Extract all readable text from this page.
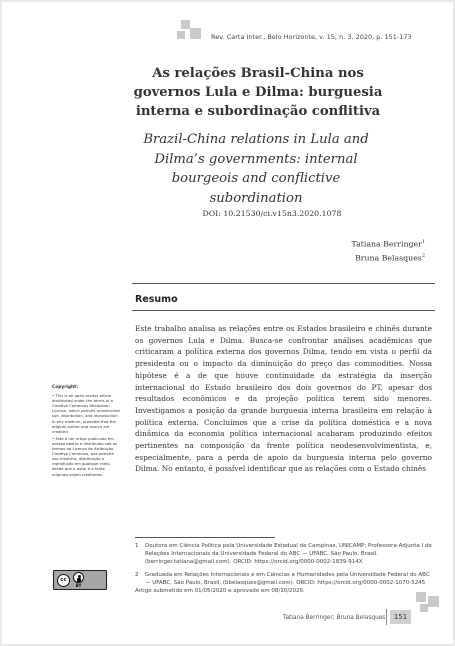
Rev. Carta Inter., Belo Horizonte, v. 15, n. 3, 2020, p. 151-173
As relações Brasil-China nos governos Lula e Dilma: burguesia interna e subordinação conflitiva
Brazil-China relations in Lula and Dilma’s governments: internal bourgeois and conflictive subordination
DOI: 10.21530/ci.v15n3.2020.1078
Tatiana Berringer$^1$
Bruna Belasques$^2$
Resumo

Este trabalho analisa as relações entre os Estados brasileiro e chinês durante os governos Lula e Dilma. Busca-se confrontar análises acadêmicas que criticaram a política externa dos governos Dilma, tendo em vista o perfil da presidenta ou o impacto da diminuição do preço das commodities. Nossa hipótese é a de que houve continuidade da estratégia da inserção internacional do Estado brasileiro dos dois governos do PT, apesar dos resultados econômicos e da projeção política terem sido menores. Investigamos a posição da grande burguesia interna brasileira em relação à política externa. Concluímos que a crise da política doméstica e a nova dinâmica da economia política internacional acabaram produzindo efeitos pertinentes na composição da frente política neodesenvolvimentista, e, especialmente, para a perda de apoio da burguesia interna pelo governo Dilma. No entanto, é possível identificar que as relações com o Estado chinês

Copyright:

• This is an open-access article distributed under the terms of a Creative Commons Attribution License, which permits unrestricted use, distribution, and reproduction in any medium, provided that the original author and source are credited.

• Este é um artigo publicado em acesso aberto e distribuído sob os termos da Licença de Atribuição Creative Commons, que permite uso irrestrito, distribuição e reprodução em qualquer meio, desde que o autor e a fonte originais sejam creditados.

cc
BY
1	Doutora em Ciência Política pela Universidade Estadual de Campinas, UNICAMP; Professora Adjunta I de Relações Internacionais da Universidade Federal do ABC — UFABC, São Paulo, Brasil. (berringer.tatiana@gmail.com). ORCID: https://orcid.org/0000-0002-1839-914X
2	Graduada em Relações Internacionais e em Ciências e Humanidades pela Universidade Federal do ABC — UFABC, São Paulo, Brasil. (bbelasques@gmail.com). ORCID: https://orcid.org/0000-0002-1070-5245
Artigo submetido em 01/05/2020 e aprovado em 08/10/2020.
Tatiana Berringer; Bruna Belasques	151
